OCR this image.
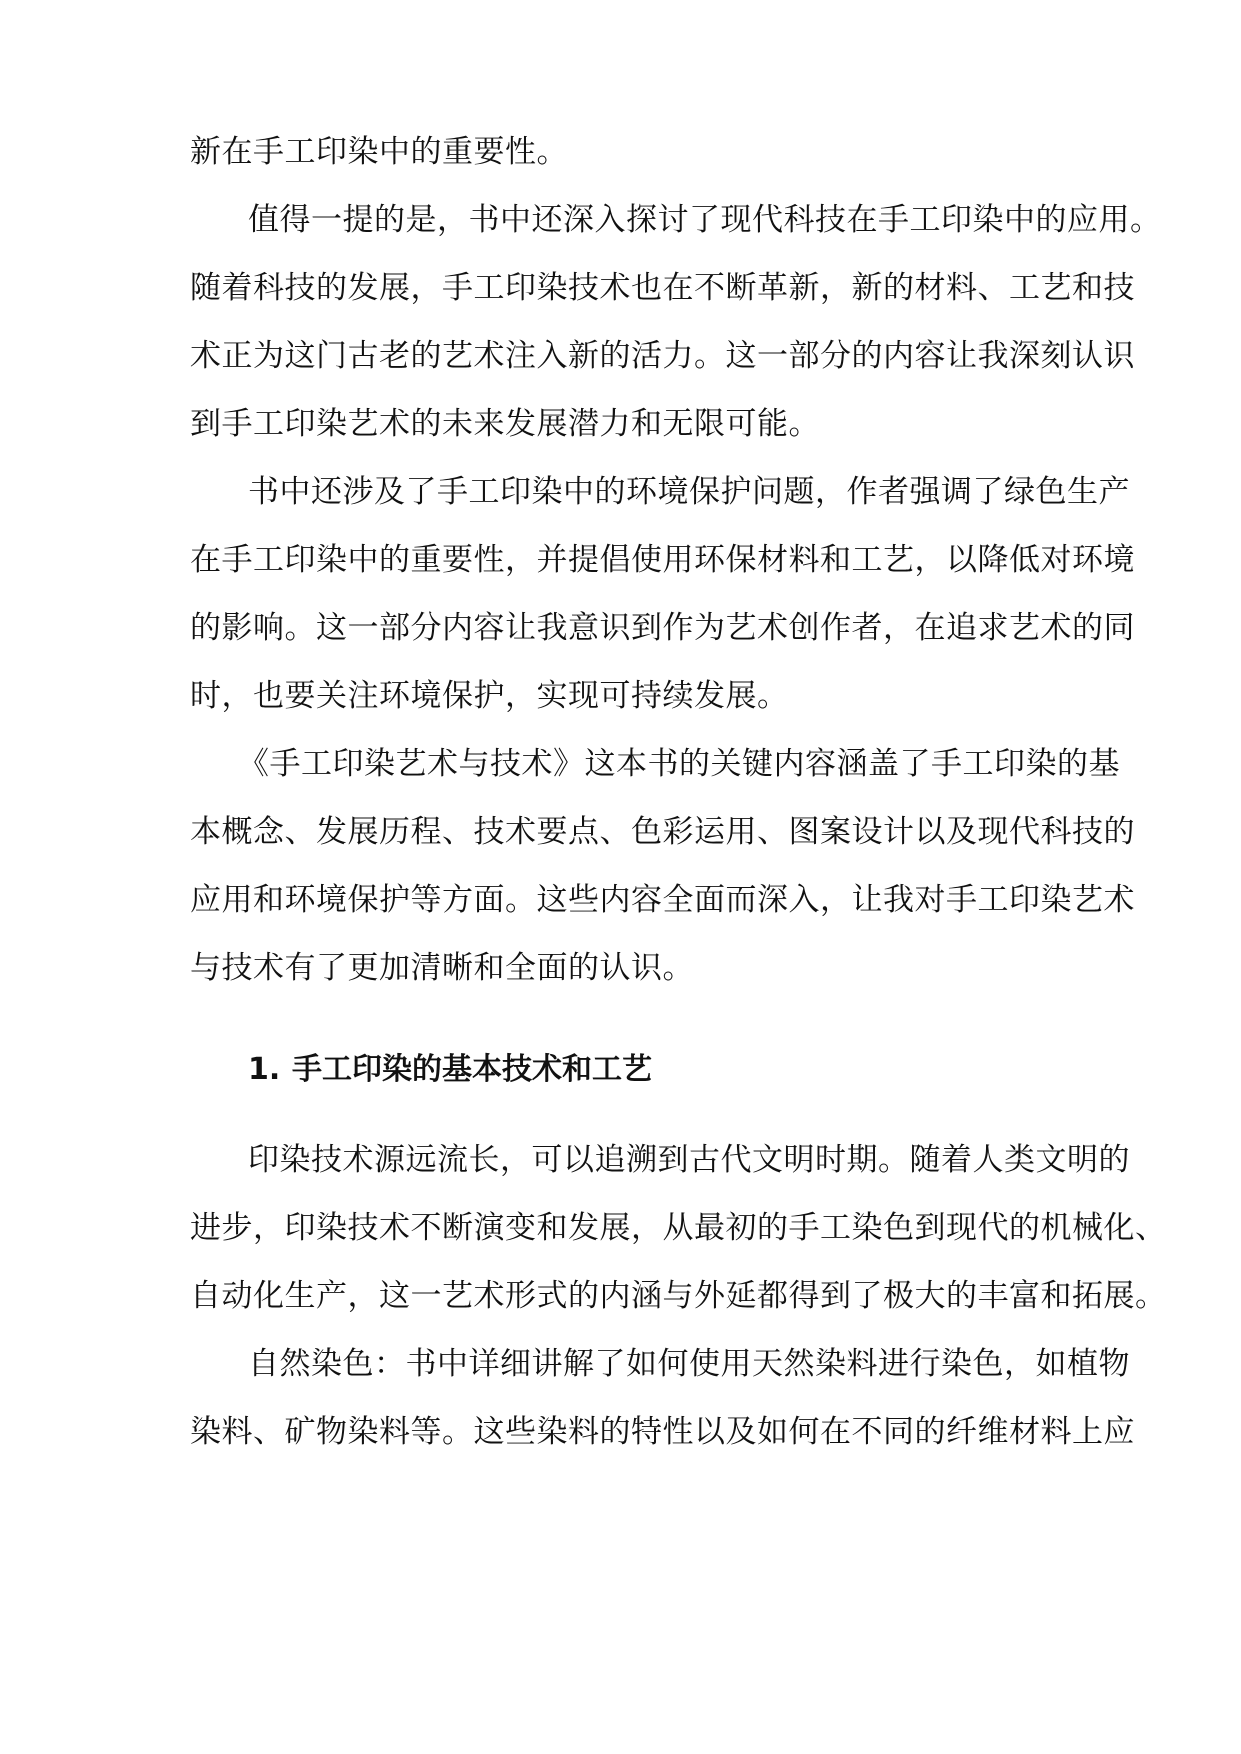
新在手工印染中的重要性。
值得一提的是，书中还深入探讨了现代科技在手工印染中的应用。
随着科技的发展，手工印染技术也在不断革新，新的材料、工艺和技
术正为这门古老的艺术注入新的活力。这一部分的内容让我深刻认识
到手工印染艺术的未来发展潜力和无限可能。
书中还涉及了手工印染中的环境保护问题，作者强调了绿色生产
在手工印染中的重要性，并提倡使用环保材料和工艺，以降低对环境
的影响。这一部分内容让我意识到作为艺术创作者，在追求艺术的同
时，也要关注环境保护，实现可持续发展。
《手工印染艺术与技术》这本书的关键内容涵盖了手工印染的基
本概念、发展历程、技术要点、色彩运用、图案设计以及现代科技的
应用和环境保护等方面。这些内容全面而深入，让我对手工印染艺术
与技术有了更加清晰和全面的认识。
1. 手工印染的基本技术和工艺
印染技术源远流长，可以追溯到古代文明时期。随着人类文明的
进步，印染技术不断演变和发展，从最初的手工染色到现代的机械化、
自动化生产，这一艺术形式的内涵与外延都得到了极大的丰富和拓展。
自然染色：书中详细讲解了如何使用天然染料进行染色，如植物
染料、矿物染料等。这些染料的特性以及如何在不同的纤维材料上应
